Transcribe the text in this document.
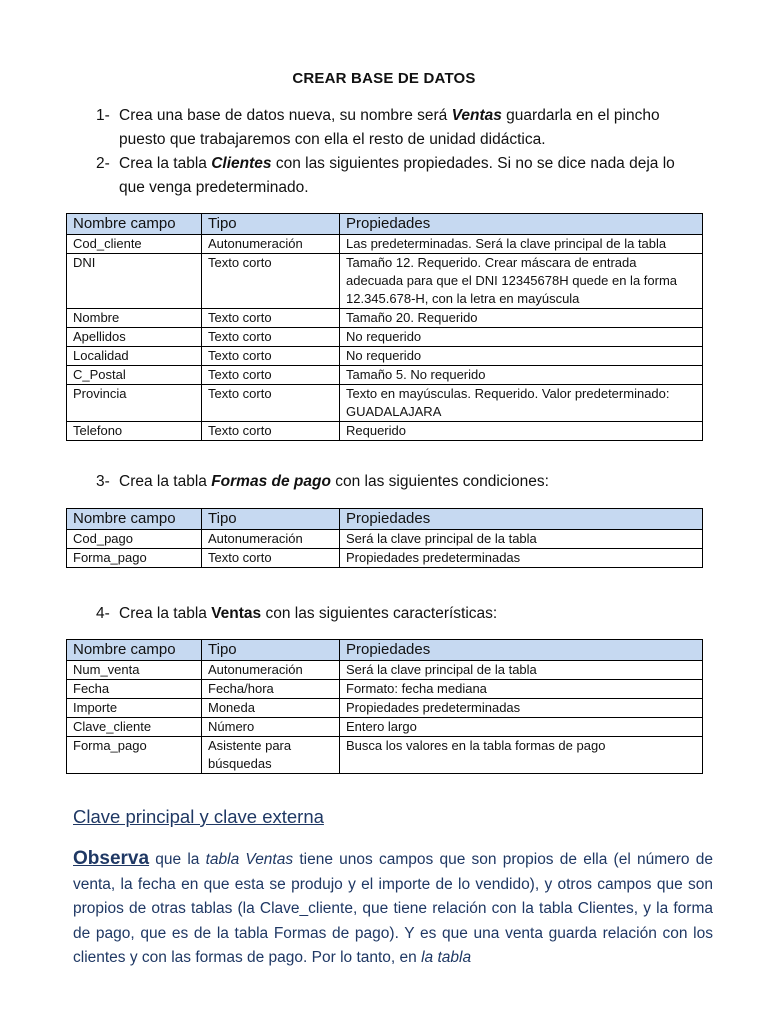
CREAR BASE DE DATOS
1- Crea una base de datos nueva, su nombre será Ventas guardarla en el pincho
puesto que trabajaremos con ella el resto de unidad didáctica.
2- Crea la tabla Clientes con las siguientes propiedades. Si no se dice nada deja lo
que venga predeterminado.
Nombre campo	Tipo	Propiedades
Cod_cliente	Autonumeración	Las predeterminadas. Será la clave principal de la tabla
DNI	Texto corto	Tamaño 12. Requerido. Crear máscara de entrada adecuada para que el DNI 12345678H quede en la forma 12.345.678-H, con la letra en mayúscula
Nombre	Texto corto	Tamaño 20. Requerido
Apellidos	Texto corto	No requerido
Localidad	Texto corto	No requerido
C_Postal	Texto corto	Tamaño 5. No requerido
Provincia	Texto corto	Texto en mayúsculas. Requerido. Valor predeterminado: GUADALAJARA
Telefono	Texto corto	Requerido
3- Crea la tabla Formas de pago con las siguientes condiciones:
Nombre campo	Tipo	Propiedades
Cod_pago	Autonumeración	Será la clave principal de la tabla
Forma_pago	Texto corto	Propiedades predeterminadas
4- Crea la tabla Ventas con las siguientes características:
Nombre campo	Tipo	Propiedades
Num_venta	Autonumeración	Será la clave principal de la tabla
Fecha	Fecha/hora	Formato: fecha mediana
Importe	Moneda	Propiedades predeterminadas
Clave_cliente	Número	Entero largo
Forma_pago	Asistente para búsquedas	Busca los valores en la tabla formas de pago
Clave principal y clave externa
Observa que la tabla Ventas tiene unos campos que son propios de ella (el número de venta, la fecha en que esta se produjo y el importe de lo vendido), y otros campos que son propios de otras tablas (la Clave_cliente, que tiene relación con la tabla Clientes, y la forma de pago, que es de la tabla Formas de pago). Y es que una venta guarda relación con los clientes y con las formas de pago. Por lo tanto, en la tabla
